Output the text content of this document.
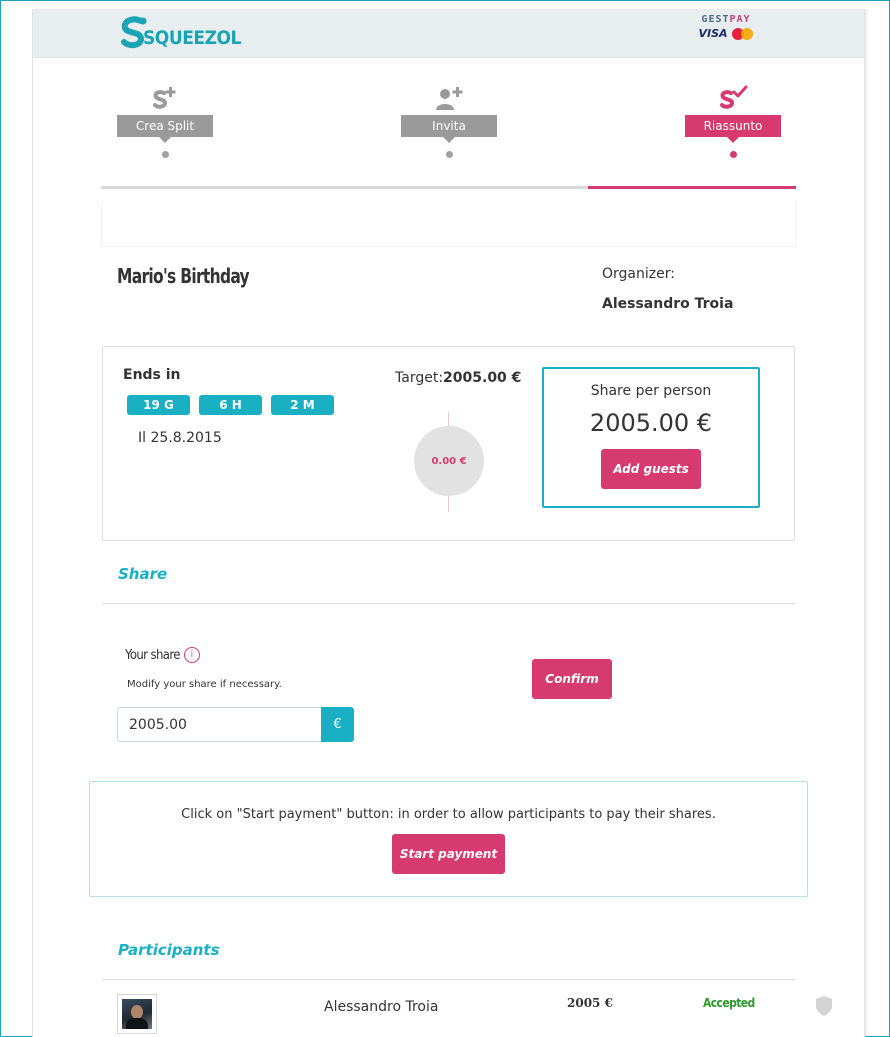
SQUEEZOL
GESTPAY
VISA
Crea Split	Invita	Riassunto
Mario's Birthday	Organizer:
Alessandro Troia
Ends in
19 G	6 H	2 M
Il 25.8.2015
Target:2005.00 €
0.00 €
Share per person
2005.00 €
Add guests
Share
Your share	i
Modify your share if necessary.
2005.00
€
Confirm
Click on "Start payment" button: in order to allow participants to pay their shares.
Start payment
Participants
Alessandro Troia	2005 €	Accepted
